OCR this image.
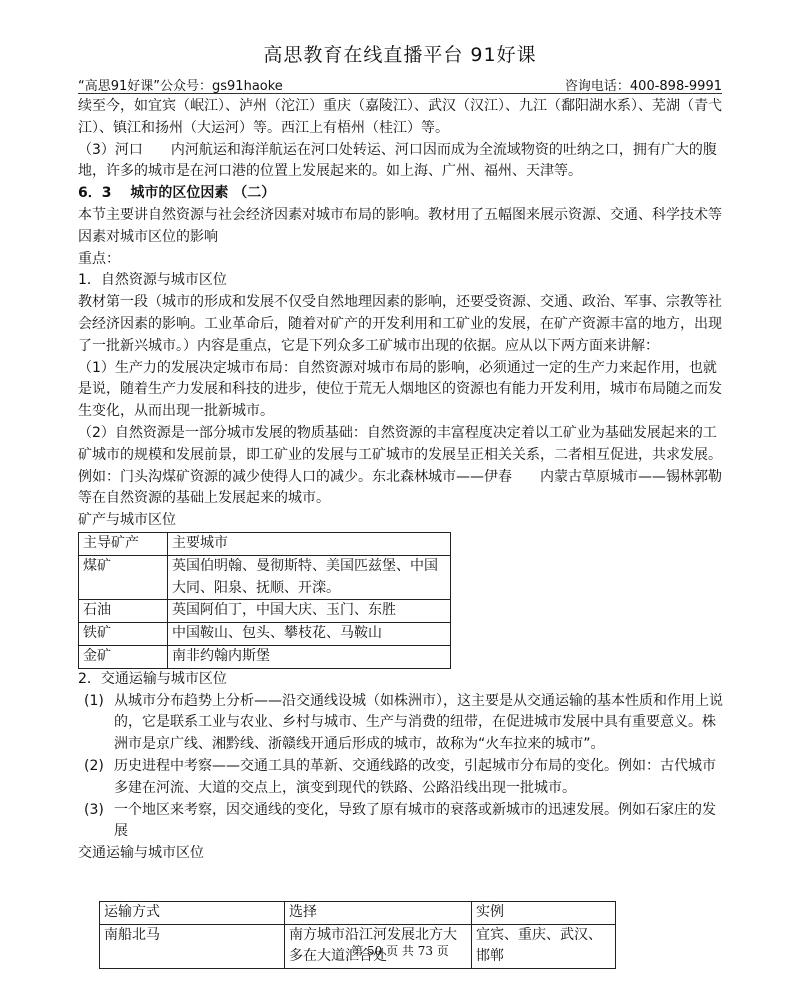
高思教育在线直播平台 91好课
“高思91好课”公众号：gs91haoke	咨询电话：400-898-9991

续至今，如宜宾（岷江）、泸州（沱江）重庆（嘉陵江）、武汉（汉江）、九江（鄱阳湖水系）、芜湖（青弋江）、镇江和扬州（大运河）等。西江上有梧州（桂江）等。

（3）河口　　内河航运和海洋航运在河口处转运、河口因而成为全流域物资的吐纳之口，拥有广大的腹地，许多的城市是在河口港的位置上发展起来的。如上海、广州、福州、天津等。

6．3　 城市的区位因素 （二）

本节主要讲自然资源与社会经济因素对城市布局的影响。教材用了五幅图来展示资源、交通、科学技术等因素对城市区位的影响

重点：

1．自然资源与城市区位

教材第一段（城市的形成和发展不仅受自然地理因素的影响，还要受资源、交通、政治、军事、宗教等社会经济因素的影响。工业革命后，随着对矿产的开发利用和工矿业的发展，在矿产资源丰富的地方，出现了一批新兴城市。）内容是重点，它是下列众多工矿城市出现的依据。应从以下两方面来讲解：

（1）生产力的发展决定城市布局：自然资源对城市布局的影响，必须通过一定的生产力来起作用，也就是说，随着生产力发展和科技的进步，使位于荒无人烟地区的资源也有能力开发利用，城市布局随之而发生变化，从而出现一批新城市。

（2）自然资源是一部分城市发展的物质基础：自然资源的丰富程度决定着以工矿业为基础发展起来的工矿城市的规模和发展前景，即工矿业的发展与工矿城市的发展呈正相关关系，二者相互促进，共求发展。例如：门头沟煤矿资源的减少使得人口的减少。东北森林城市——伊春　　内蒙古草原城市——锡林郭勒等在自然资源的基础上发展起来的城市。

矿产与城市区位

主导矿产	主要城市
煤矿	英国伯明翰、曼彻斯特、美国匹兹堡、中国大同、阳泉、抚顺、开滦。
石油	英国阿伯丁，中国大庆、玉门、东胜
铁矿	中国鞍山、包头、攀枝花、马鞍山
金矿	南非约翰内斯堡

2．交通运输与城市区位

(1) 从城市分布趋势上分析——沿交通线设城（如株洲市），这主要是从交通运输的基本性质和作用上说的，它是联系工业与农业、乡村与城市、生产与消费的纽带，在促进城市发展中具有重要意义。株洲市是京广线、湘黔线、浙赣线开通后形成的城市，故称为“火车拉来的城市”。
(2) 历史进程中考察——交通工具的革新、交通线路的改变，引起城市分布局的变化。例如：古代城市多建在河流、大道的交点上，演变到现代的铁路、公路沿线出现一批城市。
(3) 一个地区来考察，因交通线的变化，导致了原有城市的衰落或新城市的迅速发展。例如石家庄的发展

交通运输与城市区位

运输方式	选择	实例
南船北马	南方城市沿江河发展北方大多在大道汇合处	宜宾、重庆、武汉、邯郸
第 50 页 共 73 页
